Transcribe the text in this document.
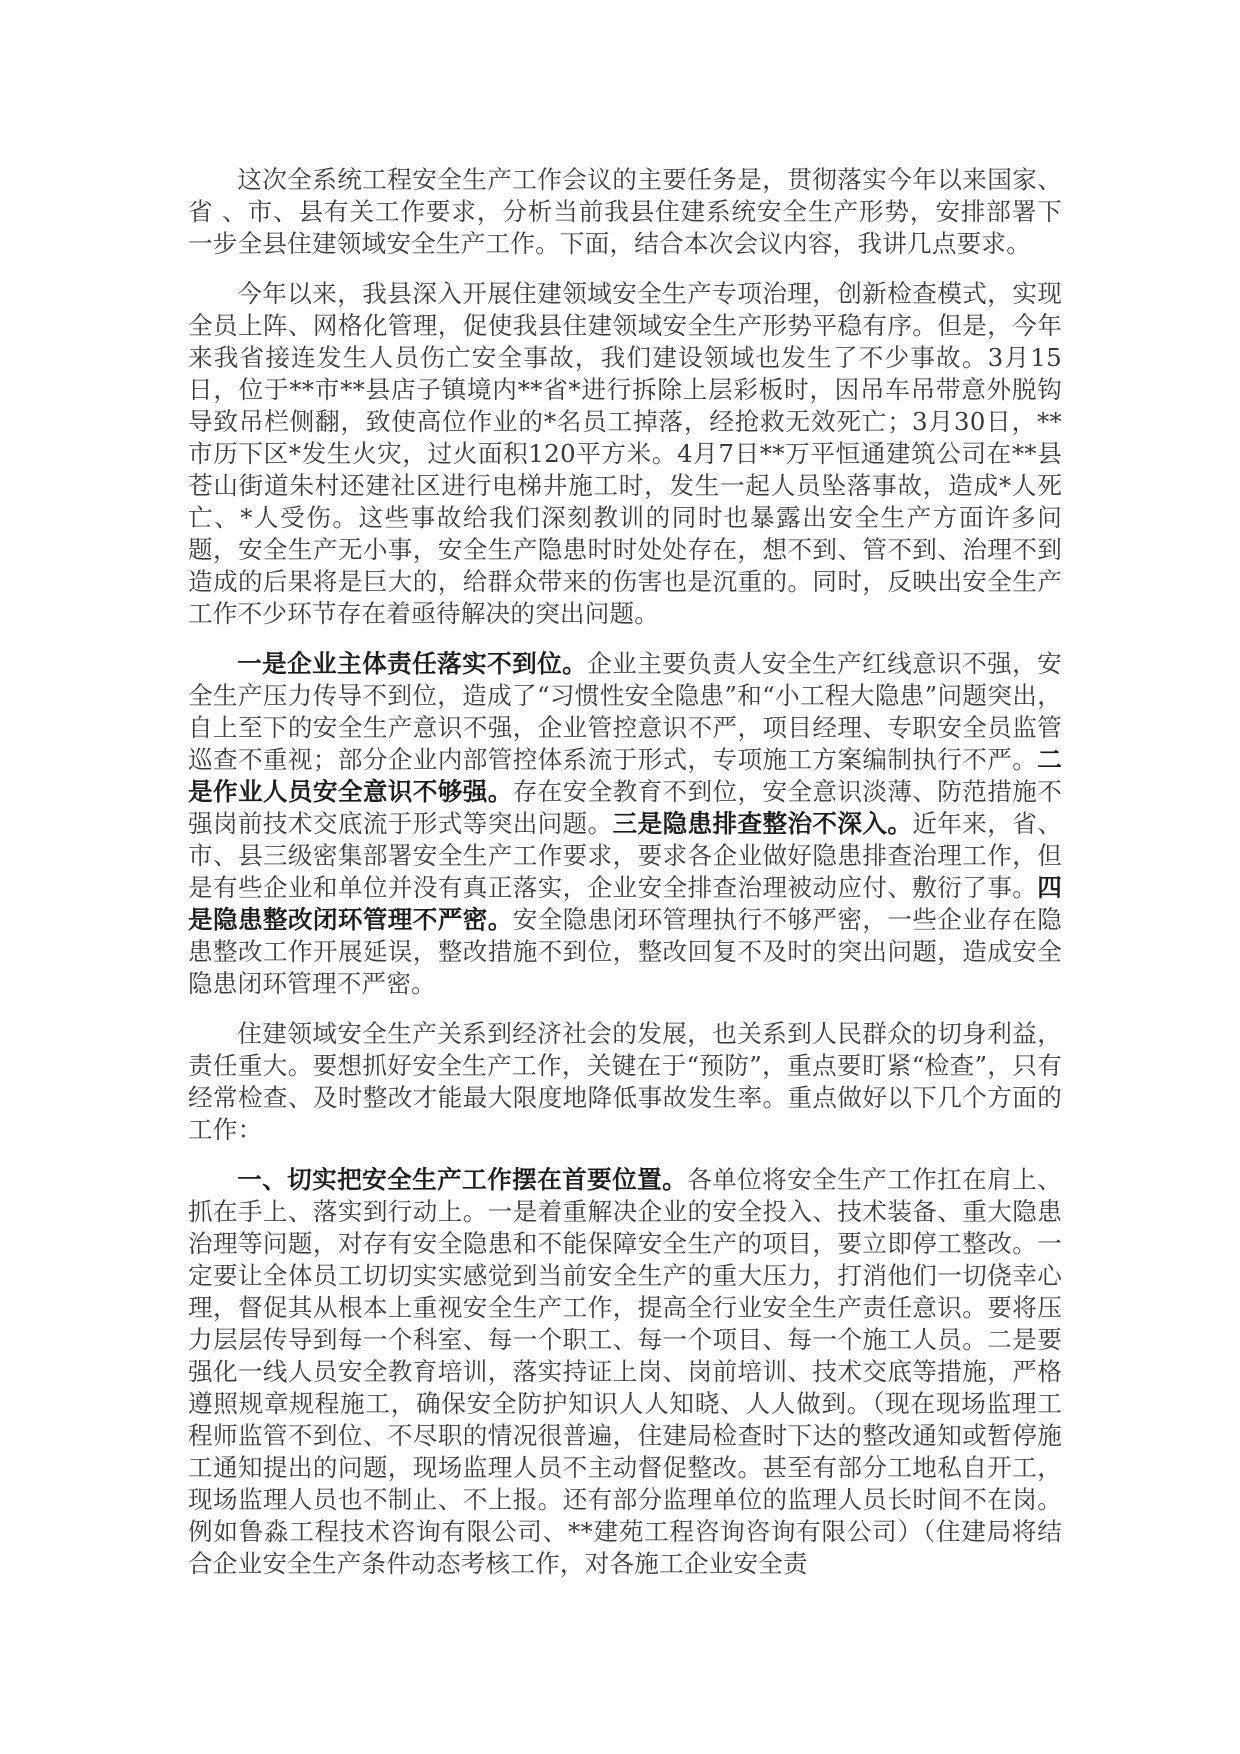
这次全系统工程安全生产工作会议的主要任务是，贯彻落实今年以来国家、省 、市、县有关工作要求，分析当前我县住建系统安全生产形势，安排部署下一步全县住建领域安全生产工作。下面，结合本次会议内容，我讲几点要求。

今年以来，我县深入开展住建领域安全生产专项治理，创新检查模式，实现全员上阵、网格化管理，促使我县住建领域安全生产形势平稳有序。但是，今年来我省接连发生人员伤亡安全事故，我们建设领域也发生了不少事故。3月15日，位于**市**县店子镇境内**省*进行拆除上层彩板时，因吊车吊带意外脱钩导致吊栏侧翻，致使高位作业的*名员工掉落，经抢救无效死亡；3月30日，**市历下区*发生火灾，过火面积120平方米。4月7日**万平恒通建筑公司在**县苍山街道朱村还建社区进行电梯井施工时，发生一起人员坠落事故，造成*人死亡、*人受伤。这些事故给我们深刻教训的同时也暴露出安全生产方面许多问题，安全生产无小事，安全生产隐患时时处处存在，想不到、管不到、治理不到造成的后果将是巨大的，给群众带来的伤害也是沉重的。同时，反映出安全生产工作不少环节存在着亟待解决的突出问题。

一是企业主体责任落实不到位。企业主要负责人安全生产红线意识不强，安全生产压力传导不到位，造成了“习惯性安全隐患”和“小工程大隐患”问题突出，自上至下的安全生产意识不强，企业管控意识不严，项目经理、专职安全员监管巡查不重视；部分企业内部管控体系流于形式，专项施工方案编制执行不严。二是作业人员安全意识不够强。存在安全教育不到位，安全意识淡薄、防范措施不强岗前技术交底流于形式等突出问题。三是隐患排查整治不深入。近年来，省、市、县三级密集部署安全生产工作要求，要求各企业做好隐患排查治理工作，但是有些企业和单位并没有真正落实，企业安全排查治理被动应付、敷衍了事。四是隐患整改闭环管理不严密。安全隐患闭环管理执行不够严密，一些企业存在隐患整改工作开展延误，整改措施不到位，整改回复不及时的突出问题，造成安全隐患闭环管理不严密。

住建领域安全生产关系到经济社会的发展，也关系到人民群众的切身利益，责任重大。要想抓好安全生产工作，关键在于“预防”，重点要盯紧“检查”，只有经常检查、及时整改才能最大限度地降低事故发生率。重点做好以下几个方面的工作：

一、切实把安全生产工作摆在首要位置。各单位将安全生产工作扛在肩上、抓在手上、落实到行动上。一是着重解决企业的安全投入、技术装备、重大隐患治理等问题，对存有安全隐患和不能保障安全生产的项目，要立即停工整改。一定要让全体员工切切实实感觉到当前安全生产的重大压力，打消他们一切侥幸心理，督促其从根本上重视安全生产工作，提高全行业安全生产责任意识。要将压力层层传导到每一个科室、每一个职工、每一个项目、每一个施工人员。二是要强化一线人员安全教育培训，落实持证上岗、岗前培训、技术交底等措施，严格遵照规章规程施工，确保安全防护知识人人知晓、人人做到。（现在现场监理工程师监管不到位、不尽职的情况很普遍，住建局检查时下达的整改通知或暂停施工通知提出的问题，现场监理人员不主动督促整改。甚至有部分工地私自开工，现场监理人员也不制止、不上报。还有部分监理单位的监理人员长时间不在岗。例如鲁淼工程技术咨询有限公司、**建苑工程咨询咨询有限公司）（住建局将结合企业安全生产条件动态考核工作，对各施工企业安全责
